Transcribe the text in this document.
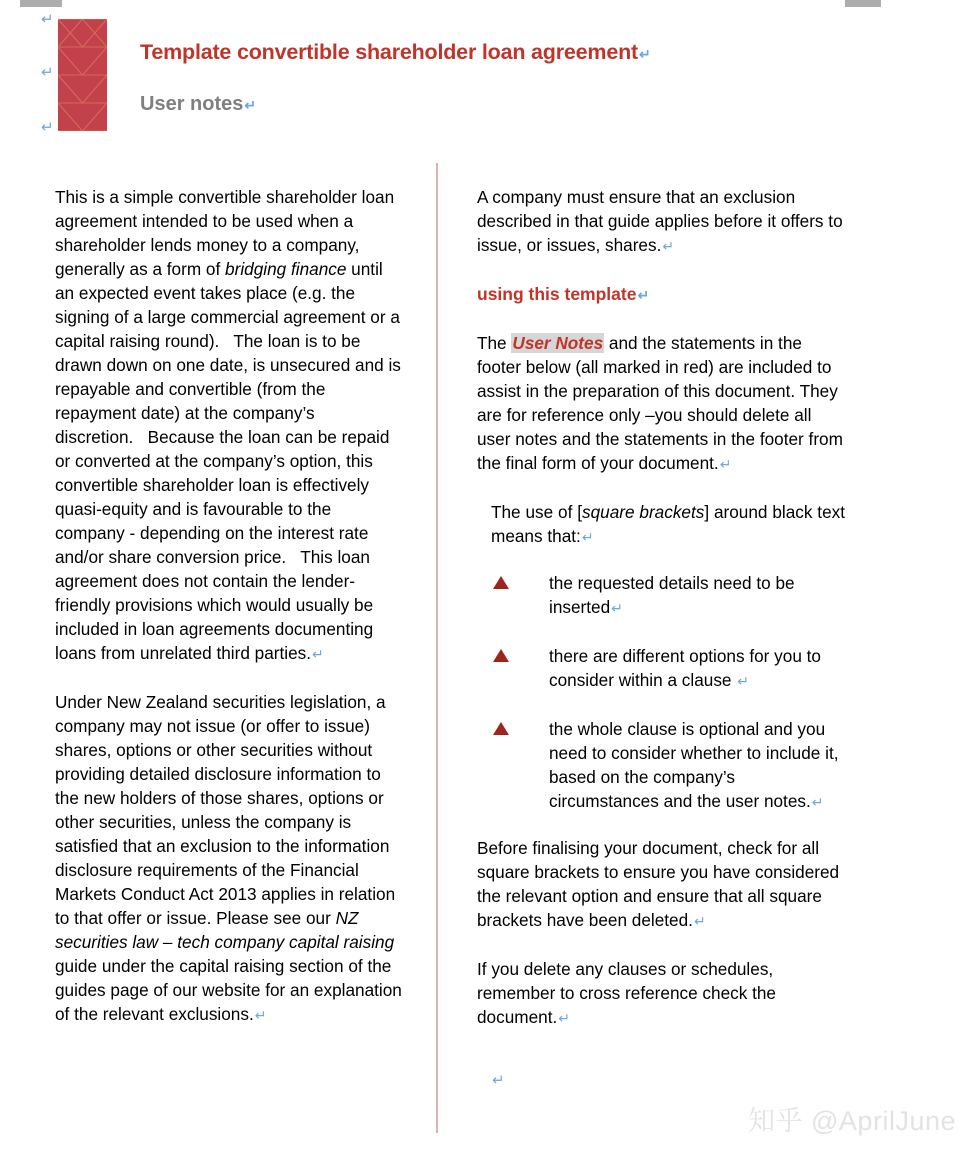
↵
↵
↵
Template convertible shareholder loan agreement↵
User notes↵

This is a simple convertible shareholder loan agreement intended to be used when a shareholder lends money to a company, generally as a form of bridging finance until an expected event takes place (e.g. the signing of a large commercial agreement or a capital raising round).   The loan is to be drawn down on one date, is unsecured and is repayable and convertible (from the repayment date) at the company’s discretion.   Because the loan can be repaid or converted at the company’s option, this convertible shareholder loan is effectively quasi-equity and is favourable to the company - depending on the interest rate and/or share conversion price.   This loan agreement does not contain the lender-friendly provisions which would usually be included in loan agreements documenting loans from unrelated third parties.↵

Under New Zealand securities legislation, a company may not issue (or offer to issue) shares, options or other securities without providing detailed disclosure information to the new holders of those shares, options or other securities, unless the company is satisfied that an exclusion to the information disclosure requirements of the Financial Markets Conduct Act 2013 applies in relation to that offer or issue. Please see our NZ securities law – tech company capital raising guide under the capital raising section of the guides page of our website for an explanation of the relevant exclusions.↵

A company must ensure that an exclusion described in that guide applies before it offers to issue, or issues, shares.↵

using this template↵

The User Notes and the statements in the footer below (all marked in red) are included to assist in the preparation of this document. They are for reference only –you should delete all user notes and the statements in the footer from the final form of your document.↵

The use of [square brackets] around black text means that:↵

the requested details need to be inserted↵
there are different options for you to consider within a clause ↵
the whole clause is optional and you need to consider whether to include it, based on the company’s circumstances and the user notes.↵

Before finalising your document, check for all square brackets to ensure you have considered the relevant option and ensure that all square brackets have been deleted.↵

If you delete any clauses or schedules, remember to cross reference check the document.↵

↵
知乎 @AprilJune
